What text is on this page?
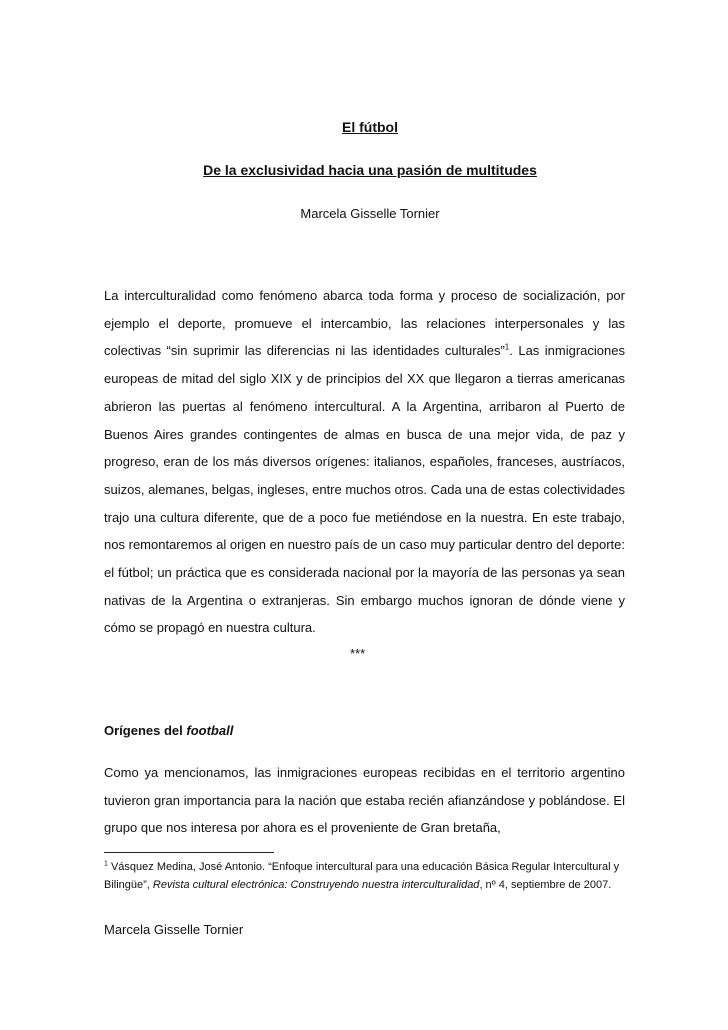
El fútbol
De la exclusividad hacia una pasión de multitudes
Marcela Gisselle Tornier

La interculturalidad como fenómeno abarca toda forma y proceso de socialización, por ejemplo el deporte, promueve el intercambio, las relaciones interpersonales y las colectivas “sin suprimir las diferencias ni las identidades culturales”$^1$. Las inmigraciones europeas de mitad del siglo XIX y de principios del XX que llegaron a tierras americanas abrieron las puertas al fenómeno intercultural. A la Argentina, arribaron al Puerto de Buenos Aires grandes contingentes de almas en busca de una mejor vida, de paz y progreso, eran de los más diversos orígenes: italianos, españoles, franceses, austríacos, suizos, alemanes, belgas, ingleses, entre muchos otros. Cada una de estas colectividades trajo una cultura diferente, que de a poco fue metiéndose en la nuestra. En este trabajo, nos remontaremos al origen en nuestro país de un caso muy particular dentro del deporte: el fútbol; un práctica que es considerada nacional por la mayoría de las personas ya sean nativas de la Argentina o extranjeras. Sin embargo muchos ignoran de dónde viene y cómo se propagó en nuestra cultura.

***
Orígenes del football

Como ya mencionamos, las inmigraciones europeas recibidas en el territorio argentino tuvieron gran importancia para la nación que estaba recién afianzándose y poblándose. El grupo que nos interesa por ahora es el proveniente de Gran bretaña,

$^1$ Vásquez Medina, José Antonio. “Enfoque intercultural para una educación Básica Regular Intercultural y Bilingüe”, Revista cultural electrónica: Construyendo nuestra interculturalidad, nº 4, septiembre de 2007.

Marcela Gisselle Tornier
